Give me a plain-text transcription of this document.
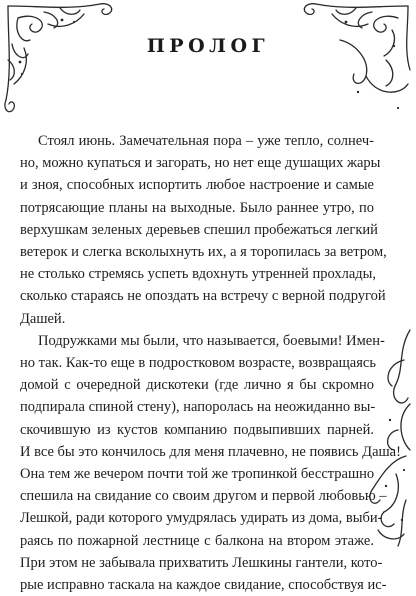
ПРОЛОГ
Стоял июнь. Замечательная пора – уже тепло, солнеч-
но, можно купаться и загорать, но нет еще душащих жары
и зноя, способных испортить любое настроение и самые
потрясающие планы на выходные. Было раннее утро, по
верхушкам зеленых деревьев спешил пробежаться легкий
ветерок и слегка всколыхнуть их, а я торопилась за ветром,
не столько стремясь успеть вдохнуть утренней прохлады,
сколько стараясь не опоздать на встречу с верной подругой
Дашей.
Подружками мы были, что называется, боевыми! Имен-
но так. Как-то еще в подростковом возрасте, возвращаясь
домой с очередной дискотеки (где лично я бы скромно
подпирала спиной стену), напоролась на неожиданно вы-
скочившую из кустов компанию подвыпивших парней.
И все бы это кончилось для меня плачевно, не появись Даша!
Она тем же вечером почти той же тропинкой бесстрашно
спешила на свидание со своим другом и первой любовью –
Лешкой, ради которого умудрялась удирать из дома, выби-
раясь по пожарной лестнице с балкона на втором этаже.
При этом не забывала прихватить Лешкины гантели, кото-
рые исправно таскала на каждое свидание, способствуя ис-
